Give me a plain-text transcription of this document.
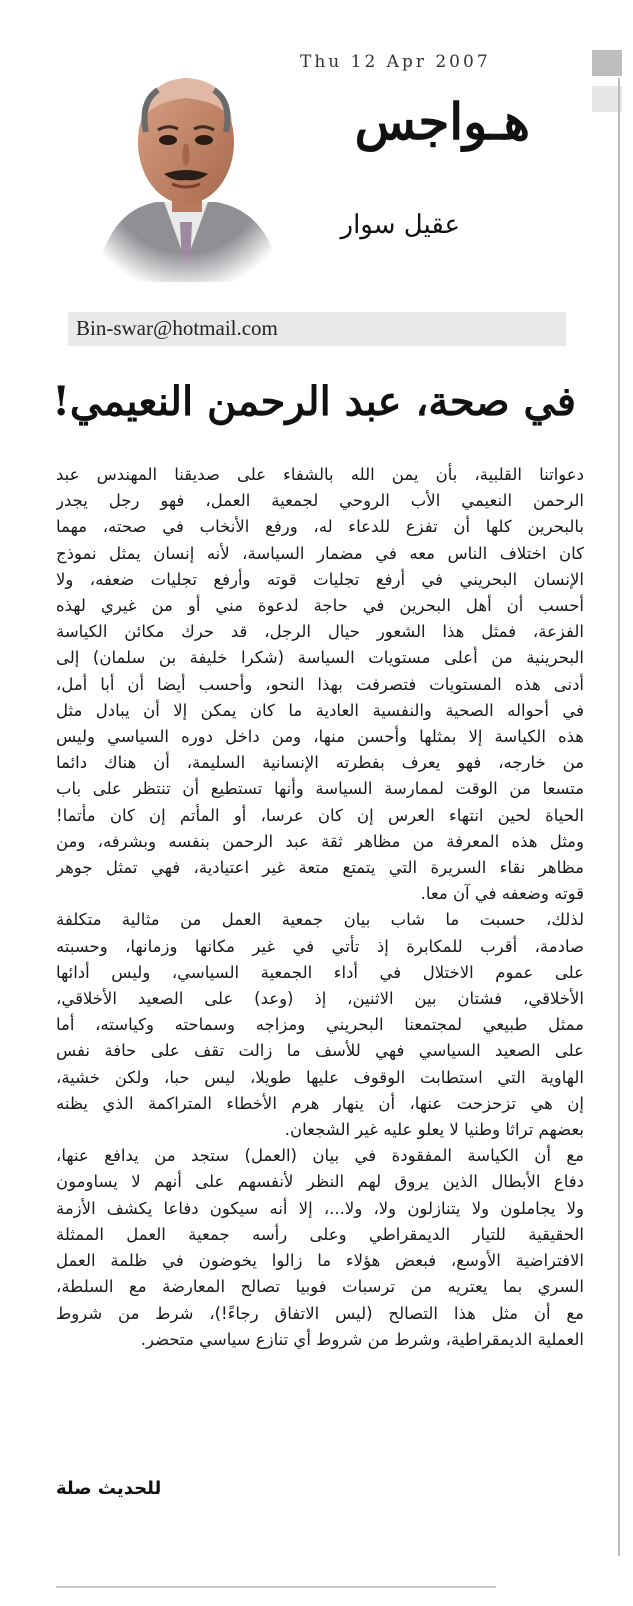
Thu 12 Apr 2007
هـواجس
عقيل سوار
Bin-swar@hotmail.com
في صحة، عبد الرحمن النعيمي!

دعواتنا القلبية، بأن يمن الله بالشفاء على صديقنا المهندس عبد
الرحمن النعيمي الأب الروحي لجمعية العمل، فهو رجل يجدر
بالبحرين كلها أن تفزع للدعاء له، ورفع الأنخاب في صحته، مهما
كان اختلاف الناس معه في مضمار السياسة، لأنه إنسان يمثل نموذج
الإنسان البحريني في أرفع تجليات قوته وأرفع تجليات ضعفه، ولا
أحسب أن أهل البحرين في حاجة لدعوة مني أو من غيري لهذه
الفزعة، فمثل هذا الشعور حيال الرجل، قد حرك مكائن الكياسة
البحرينية من أعلى مستويات السياسة (شكرا خليفة بن سلمان) إلى
أدنى هذه المستويات فتصرفت بهذا النحو، وأحسب أيضا أن أبا أمل،
في أحواله الصحية والنفسية العادية ما كان يمكن إلا أن يبادل مثل
هذه الكياسة إلا بمثلها وأحسن منها، ومن داخل دوره السياسي وليس
من خارجه، فهو يعرف بفطرته الإنسانية السليمة، أن هناك دائما
متسعا من الوقت لممارسة السياسة وأنها تستطيع أن تنتظر على باب
الحياة لحين انتهاء العرس إن كان عرسا، أو المأتم إن كان مأتما!
ومثل هذه المعرفة من مظاهر ثقة عبد الرحمن بنفسه وبشرفه، ومن
مظاهر نقاء السريرة التي يتمتع متعة غير اعتيادية، فهي تمثل جوهر
قوته وضعفه في آن معا.

لذلك، حسبت ما شاب بيان جمعية العمل من مثالية متكلفة
صادمة، أقرب للمكابرة إذ تأتي في غير مكانها وزمانها، وحسبته
على عموم الاختلال في أداء الجمعية السياسي، وليس أدائها
الأخلاقي، فشتان بين الاثنين، إذ (وعد) على الصعيد الأخلاقي،
ممثل طبيعي لمجتمعنا البحريني ومزاجه وسماحته وكياسته، أما
على الصعيد السياسي فهي للأسف ما زالت تقف على حافة نفس
الهاوية التي استطابت الوقوف عليها طويلا، ليس حبا، ولكن خشية،
إن هي تزحزحت عنها، أن ينهار هرم الأخطاء المتراكمة الذي يظنه
بعضهم تراثا وطنيا لا يعلو عليه غير الشجعان.

مع أن الكياسة المفقودة في بيان (العمل) ستجد من يدافع عنها،
دفاع الأبطال الذين يروق لهم النظر لأنفسهم على أنهم لا يساومون
ولا يجاملون ولا يتنازلون ولا، ولا...، إلا أنه سيكون دفاعا يكشف الأزمة
الحقيقية للتيار الديمقراطي وعلى رأسه جمعية العمل الممثلة
الافتراضية الأوسع، فبعض هؤلاء ما زالوا يخوضون في ظلمة العمل
السري بما يعتريه من ترسبات فوبيا تصالح المعارضة مع السلطة،
مع أن مثل هذا التصالح (ليس الاتفاق رجاءً!)، شرط من شروط
العملية الديمقراطية، وشرط من شروط أي تنازع سياسي متحضر.

للحديث صلة
